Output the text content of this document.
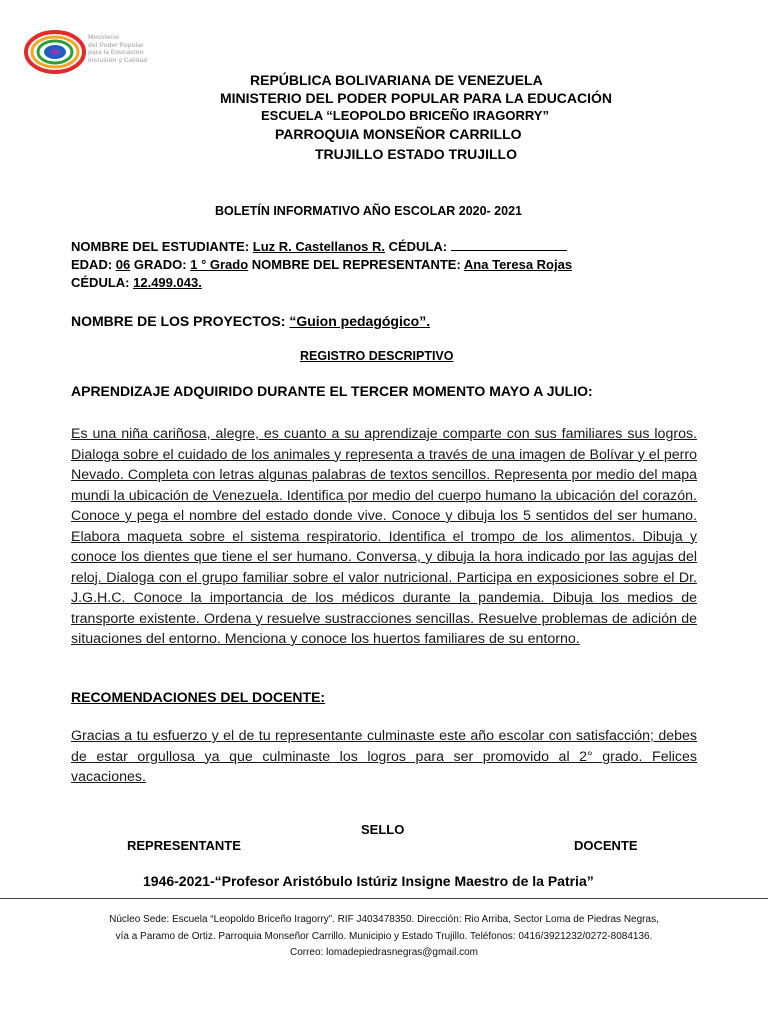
Ministerio
del Poder Popular
para la Educación
Inclusión y Calidad
REPÚBLICA BOLIVARIANA DE VENEZUELA
MINISTERIO DEL PODER POPULAR PARA LA EDUCACIÓN
ESCUELA “LEOPOLDO BRICEÑO IRAGORRY”
PARROQUIA MONSEÑOR CARRILLO
TRUJILLO ESTADO TRUJILLO
BOLETÍN INFORMATIVO AÑO ESCOLAR 2020- 2021
NOMBRE DEL ESTUDIANTE: Luz R. Castellanos R. CÉDULA:
EDAD: 06 GRADO: 1 ° Grado NOMBRE DEL REPRESENTANTE: Ana Teresa Rojas
CÉDULA: 12.499.043.
NOMBRE DE LOS PROYECTOS: “Guion pedagógico”.
REGISTRO DESCRIPTIVO
APRENDIZAJE ADQUIRIDO DURANTE EL TERCER MOMENTO MAYO A JULIO:
Es una niña cariñosa, alegre, es cuanto a su aprendizaje comparte con sus familiares sus logros. Dialoga sobre el cuidado de los animales y representa a través de una imagen de Bolívar y el perro Nevado. Completa con letras algunas palabras de textos sencillos. Representa por medio del mapa mundi la ubicación de Venezuela. Identifica por medio del cuerpo humano la ubicación del corazón. Conoce y pega el nombre del estado donde vive. Conoce y dibuja los 5 sentidos del ser humano. Elabora maqueta sobre el sistema respiratorio. Identifica el trompo de los alimentos. Dibuja y conoce los dientes que tiene el ser humano. Conversa, y dibuja la hora indicado por las agujas del reloj. Dialoga con el grupo familiar sobre el valor nutricional. Participa en exposiciones sobre el Dr. J.G.H.C. Conoce la importancia de los médicos durante la pandemia. Dibuja los medios de transporte existente. Ordena y resuelve sustracciones sencillas. Resuelve problemas de adición de situaciones del entorno. Menciona y conoce los huertos familiares de su entorno.
RECOMENDACIONES DEL DOCENTE:
Gracias a tu esfuerzo y el de tu representante culminaste este año escolar con satisfacción; debes de estar orgullosa ya que culminaste los logros para ser promovido al 2° grado. Felices vacaciones.
SELLO
REPRESENTANTE	DOCENTE
1946-2021-“Profesor Aristóbulo Istúriz Insigne Maestro de la Patria”
Núcleo Sede: Escuela “Leopoldo Briceño Iragorry”. RIF J403478350. Dirección: Rio Arriba, Sector Loma de Piedras Negras,
vía a Paramo de Ortiz. Parroquia Monseñor Carrillo. Municipio y Estado Trujillo. Teléfonos: 0416/3921232/0272-8084136.
Correo: lomadepiedrasnegras@gmail.com
